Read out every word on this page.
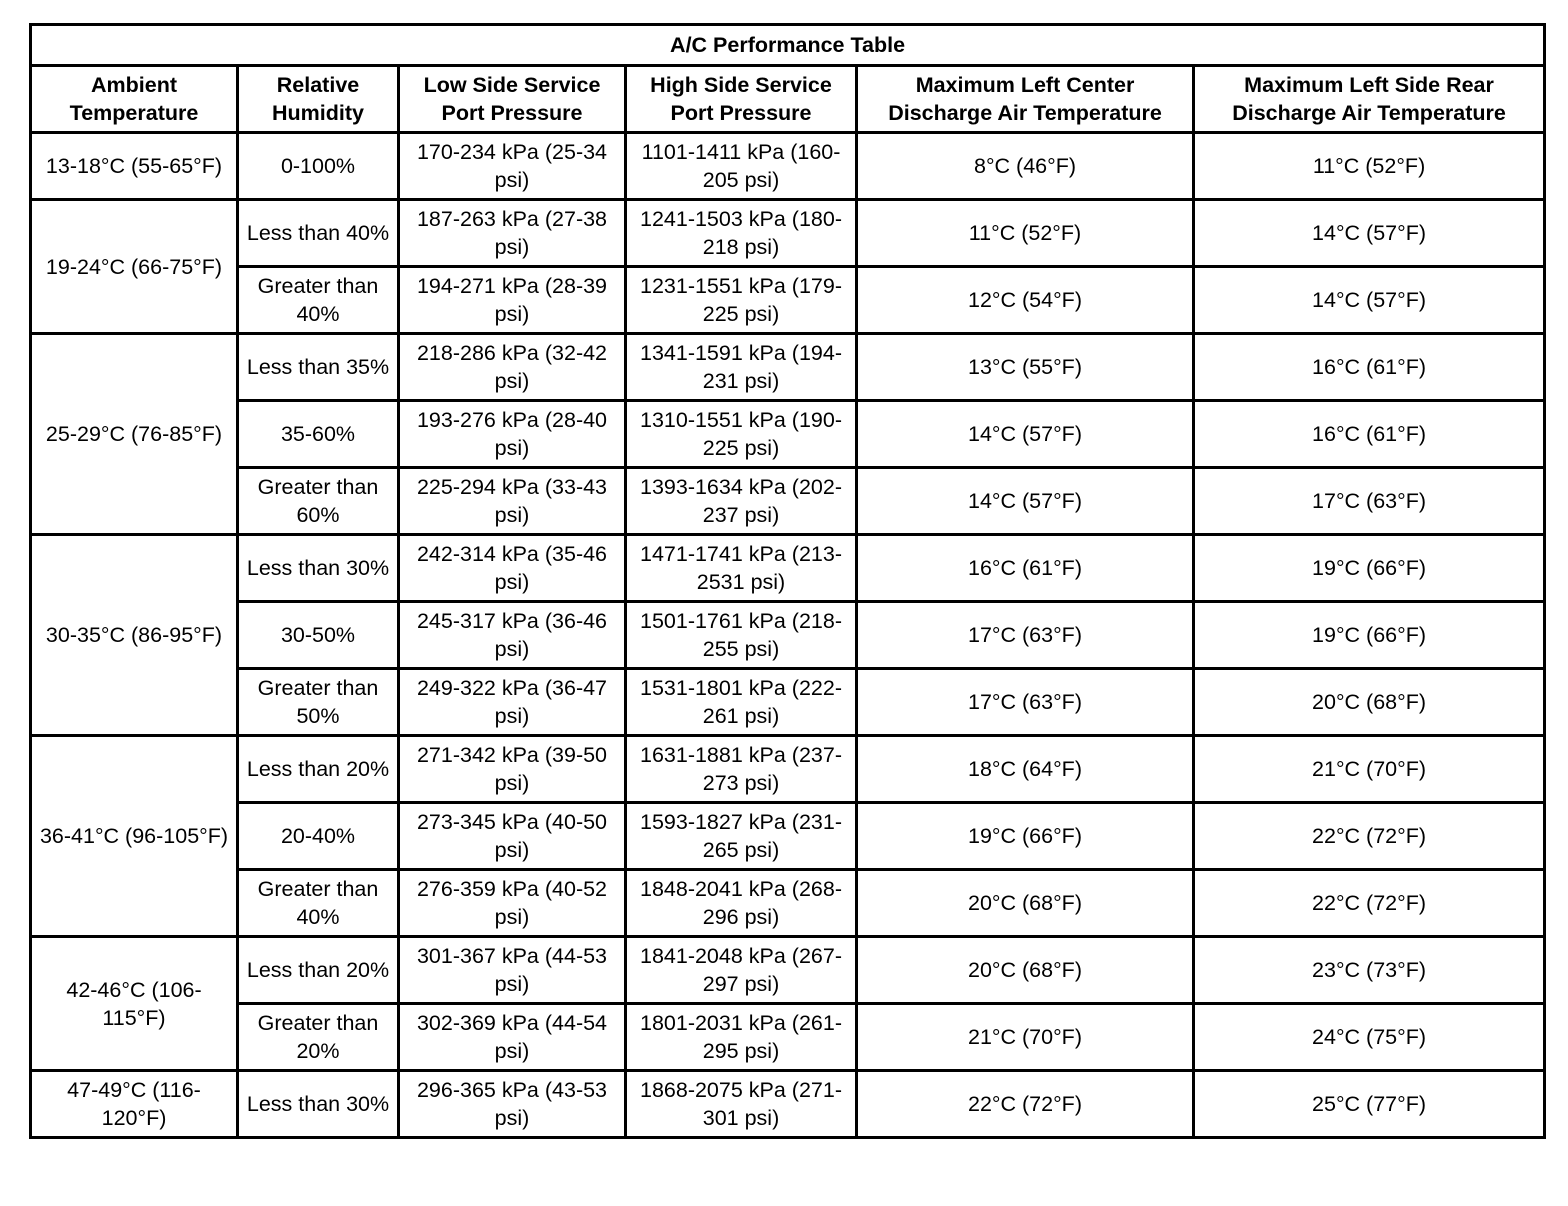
A/C Performance Table					
Ambient Temperature	Relative Humidity	Low Side Service Port Pressure	High Side Service Port Pressure	Maximum Left Center Discharge Air Temperature	Maximum Left Side Rear Discharge Air Temperature
13-18°C (55-65°F)	0-100%	170-234 kPa (25-34 psi)	1101-1411 kPa (160-205 psi)	8°C (46°F)	11°C (52°F)
19-24°C (66-75°F)	Less than 40%	187-263 kPa (27-38 psi)	1241-1503 kPa (180-218 psi)	11°C (52°F)	14°C (57°F)
	Greater than 40%	194-271 kPa (28-39 psi)	1231-1551 kPa (179-225 psi)	12°C (54°F)	14°C (57°F)
25-29°C (76-85°F)	Less than 35%	218-286 kPa (32-42 psi)	1341-1591 kPa (194-231 psi)	13°C (55°F)	16°C (61°F)
	35-60%	193-276 kPa (28-40 psi)	1310-1551 kPa (190-225 psi)	14°C (57°F)	16°C (61°F)
	Greater than 60%	225-294 kPa (33-43 psi)	1393-1634 kPa (202-237 psi)	14°C (57°F)	17°C (63°F)
30-35°C (86-95°F)	Less than 30%	242-314 kPa (35-46 psi)	1471-1741 kPa (213-2531 psi)	16°C (61°F)	19°C (66°F)
	30-50%	245-317 kPa (36-46 psi)	1501-1761 kPa (218-255 psi)	17°C (63°F)	19°C (66°F)
	Greater than 50%	249-322 kPa (36-47 psi)	1531-1801 kPa (222-261 psi)	17°C (63°F)	20°C (68°F)
36-41°C (96-105°F)	Less than 20%	271-342 kPa (39-50 psi)	1631-1881 kPa (237-273 psi)	18°C (64°F)	21°C (70°F)
	20-40%	273-345 kPa (40-50 psi)	1593-1827 kPa (231-265 psi)	19°C (66°F)	22°C (72°F)
	Greater than 40%	276-359 kPa (40-52 psi)	1848-2041 kPa (268-296 psi)	20°C (68°F)	22°C (72°F)
42-46°C (106-115°F)	Less than 20%	301-367 kPa (44-53 psi)	1841-2048 kPa (267-297 psi)	20°C (68°F)	23°C (73°F)
	Greater than 20%	302-369 kPa (44-54 psi)	1801-2031 kPa (261-295 psi)	21°C (70°F)	24°C (75°F)
47-49°C (116-120°F)	Less than 30%	296-365 kPa (43-53 psi)	1868-2075 kPa (271-301 psi)	22°C (72°F)	25°C (77°F)
